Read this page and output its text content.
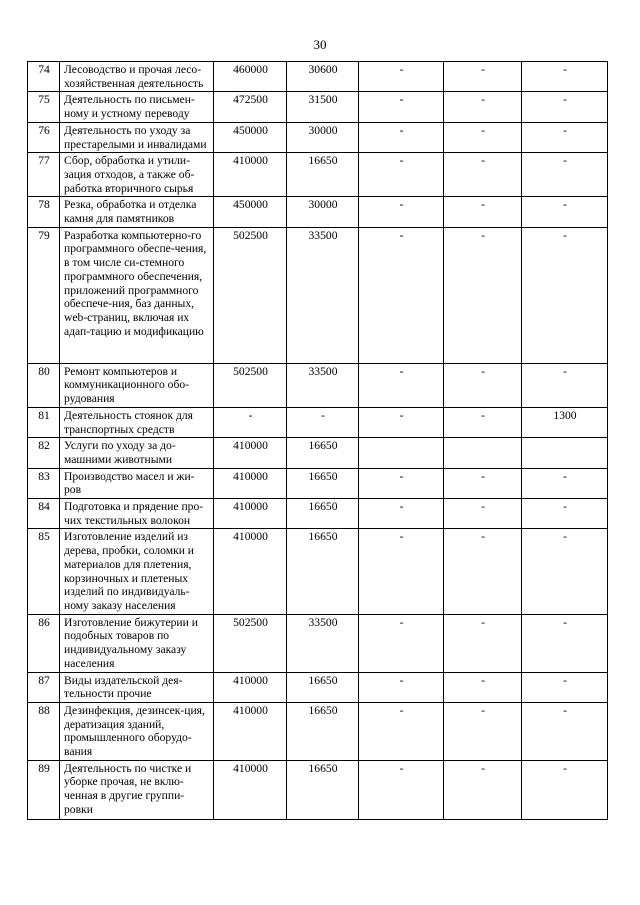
30
74	Лесоводство и прочая лесо-хозяйственная деятельность	460000	30600	-	-	-
75	Деятельность по письмен-ному и устному переводу	472500	31500	-	-	-
76	Деятельность по уходу за престарелыми и инвалидами	450000	30000	-	-	-
77	Сбор, обработка и утили-зация отходов, а также об-работка вторичного сырья	410000	16650	-	-	-
78	Резка, обработка и отделка камня для памятников	450000	30000	-	-	-
79	Разработка компьютерно-го программного обеспе-чения, в том числе си-стемного программного обеспечения, приложений программного обеспече-ния, баз данных, web-страниц, включая их адап-тацию и модификацию	502500	33500	-	-	-
80	Ремонт компьютеров и коммуникационного обо-рудования	502500	33500	-	-	-
81	Деятельность стоянок для транспортных средств	-	-	-	-	1300
82	Услуги по уходу за до-машними животными	410000	16650			
83	Производство масел и жи-ров	410000	16650	-	-	-
84	Подготовка и прядение про-чих текстильных волокон	410000	16650	-	-	-
85	Изготовление изделий из дерева, пробки, соломки и материалов для плетения, корзиночных и плетеных изделий по индивидуаль-ному заказу населения	410000	16650	-	-	-
86	Изготовление бижутерии и подобных товаров по индивидуальному заказу населения	502500	33500	-	-	-
87	Виды издательской дея-тельности прочие	410000	16650	-	-	-
88	Дезинфекция, дезинсек-ция, дератизация зданий, промышленного оборудо-вания	410000	16650	-	-	-
89	Деятельность по чистке и уборке прочая, не вклю-ченная в другие группи-ровки	410000	16650	-	-	-
